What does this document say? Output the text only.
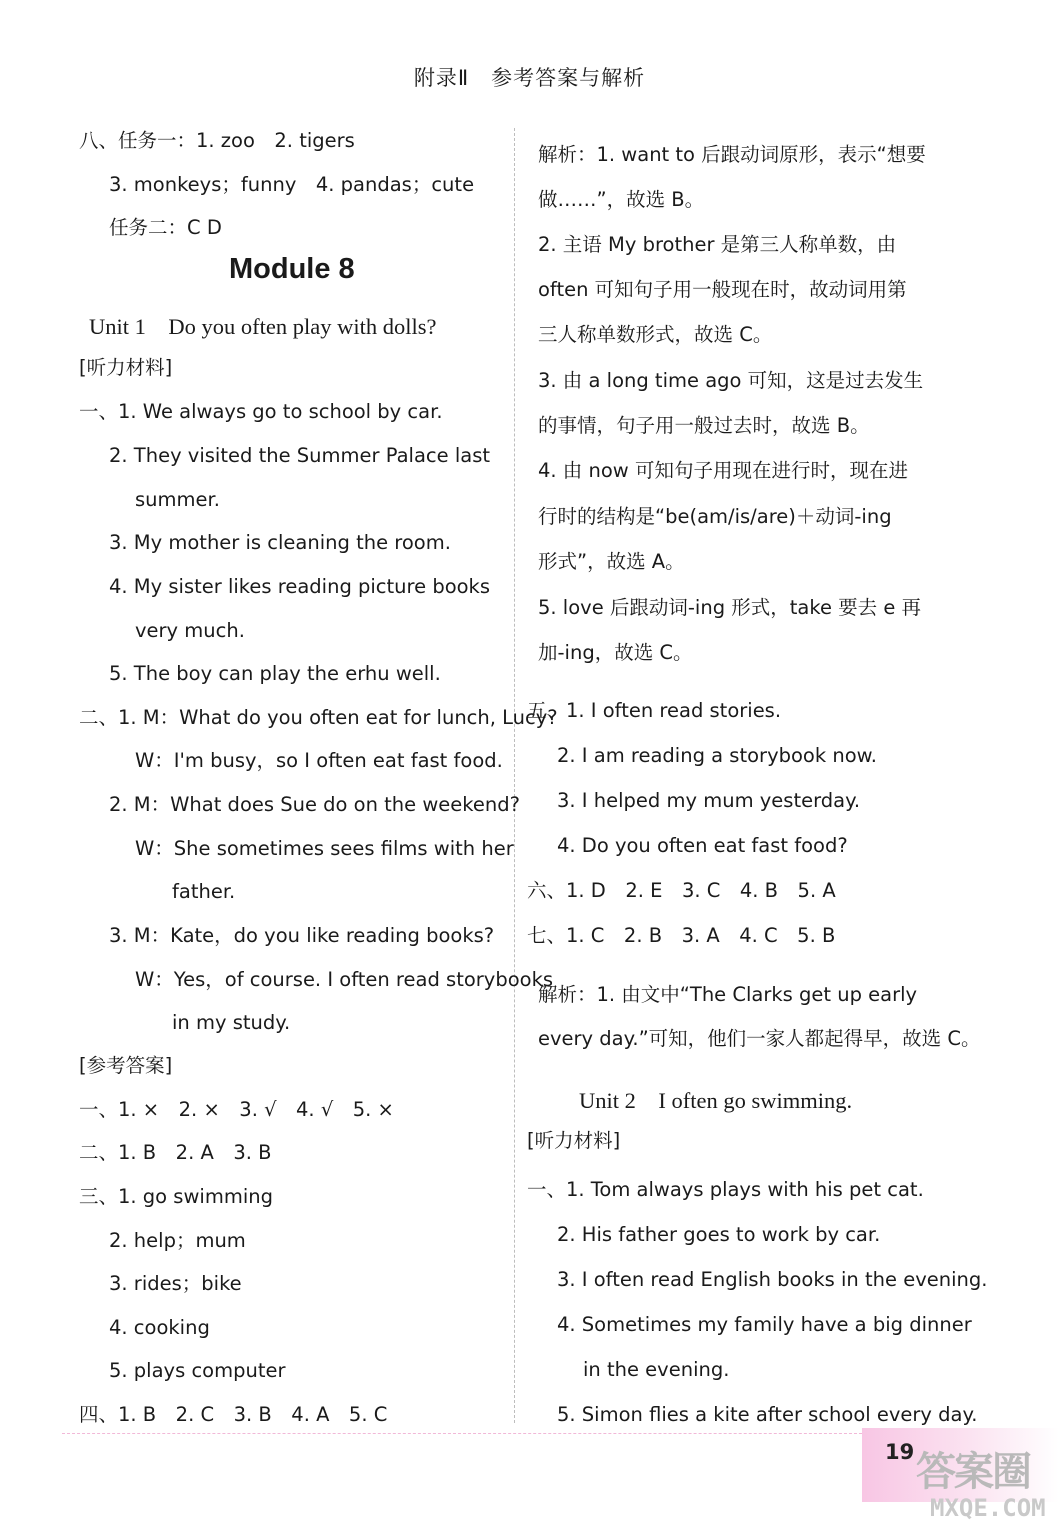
附录Ⅱ　参考答案与解析
八、任务一：1. zoo　2. tigers
3. monkeys；funny　4. pandas；cute
任务二：C D
[听力材料]
一、1. We always go to school by car.
2. They visited the Summer Palace last
summer.
3. My mother is cleaning the room.
4. My sister likes reading picture books
very much.
5. The boy can play the erhu well.
二、1. M：What do you often eat for lunch, Lucy?
W：I'm busy，so I often eat fast food.
2. M：What does Sue do on the weekend?
W：She sometimes sees films with her
father.
3. M：Kate，do you like reading books?
W：Yes，of course. I often read storybooks
in my study.
[参考答案]
一、1. ×　2. ×　3. √　4. √　5. ×
二、1. B　2. A　3. B
三、1. go swimming
2. help；mum
3. rides；bike
4. cooking
5. plays computer
四、1. B　2. C　3. B　4. A　5. C
Module 8
Unit 1　Do you often play with dolls?
解析：1. want to 后跟动词原形，表示“想要
做……”，故选 B。
2. 主语 My brother 是第三人称单数，由
often 可知句子用一般现在时，故动词用第
三人称单数形式，故选 C。
3. 由 a long time ago 可知，这是过去发生
的事情，句子用一般过去时，故选 B。
4. 由 now 可知句子用现在进行时，现在进
行时的结构是“be(am/is/are)＋动词-ing
形式”，故选 A。
5. love 后跟动词-ing 形式，take 要去 e 再
加-ing，故选 C。
五、1. I often read stories.
2. I am reading a storybook now.
3. I helped my mum yesterday.
4. Do you often eat fast food?
六、1. D　2. E　3. C　4. B　5. A
七、1. C　2. B　3. A　4. C　5. B
解析：1. 由文中“The Clarks get up early
every day.”可知，他们一家人都起得早，故选 C。
[听力材料]
一、1. Tom always plays with his pet cat.
2. His father goes to work by car.
3. I often read English books in the evening.
4. Sometimes my family have a big dinner
in the evening.
5. Simon flies a kite after school every day.
Unit 2　I often go swimming.
19 答案圈
MXQE.COM
